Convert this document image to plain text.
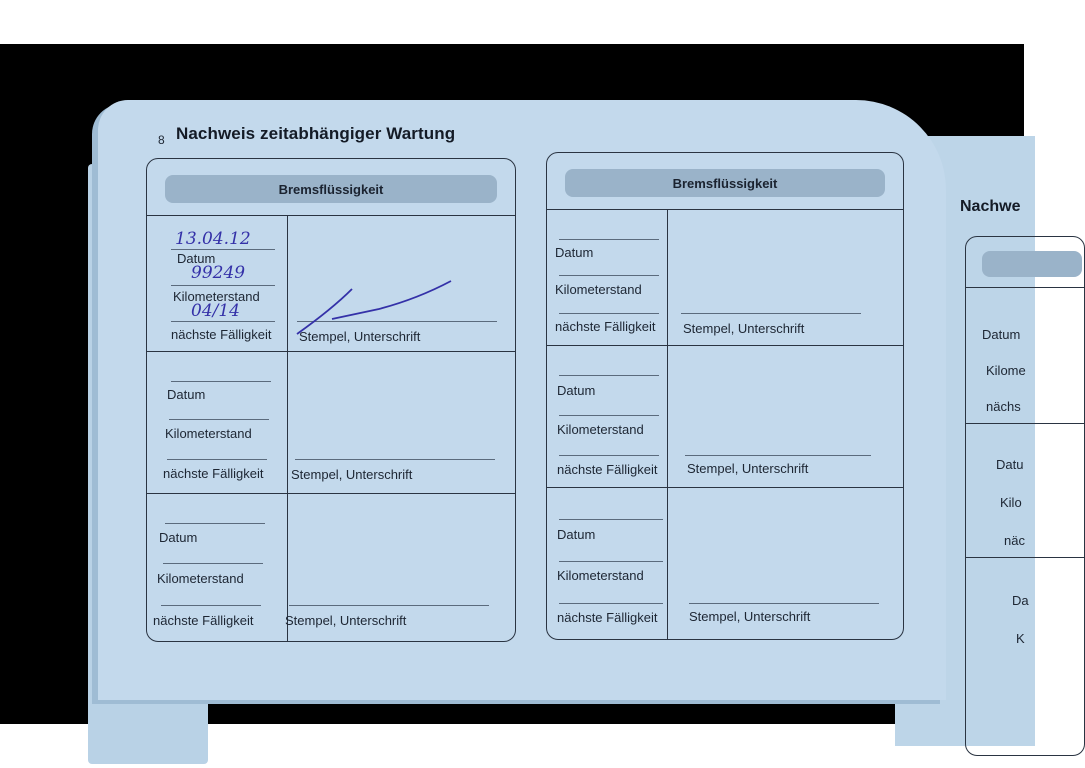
Nachwe
Datum
Kilome
nächs
Datu
Kilo
näc
Da
K
8 Nachweis zeitabhängiger Wartung
Bremsflüssigkeit
13.04.12
Datum
99249
Kilometerstand
04/14
nächste Fälligkeit Stempel, Unterschrift
Datum
Kilometerstand
nächste Fälligkeit Stempel, Unterschrift
Datum
Kilometerstand
nächste Fälligkeit Stempel, Unterschrift
Bremsflüssigkeit
Datum
Kilometerstand
nächste Fälligkeit Stempel, Unterschrift
Datum
Kilometerstand
nächste Fälligkeit Stempel, Unterschrift
Datum
Kilometerstand
nächste Fälligkeit Stempel, Unterschrift
